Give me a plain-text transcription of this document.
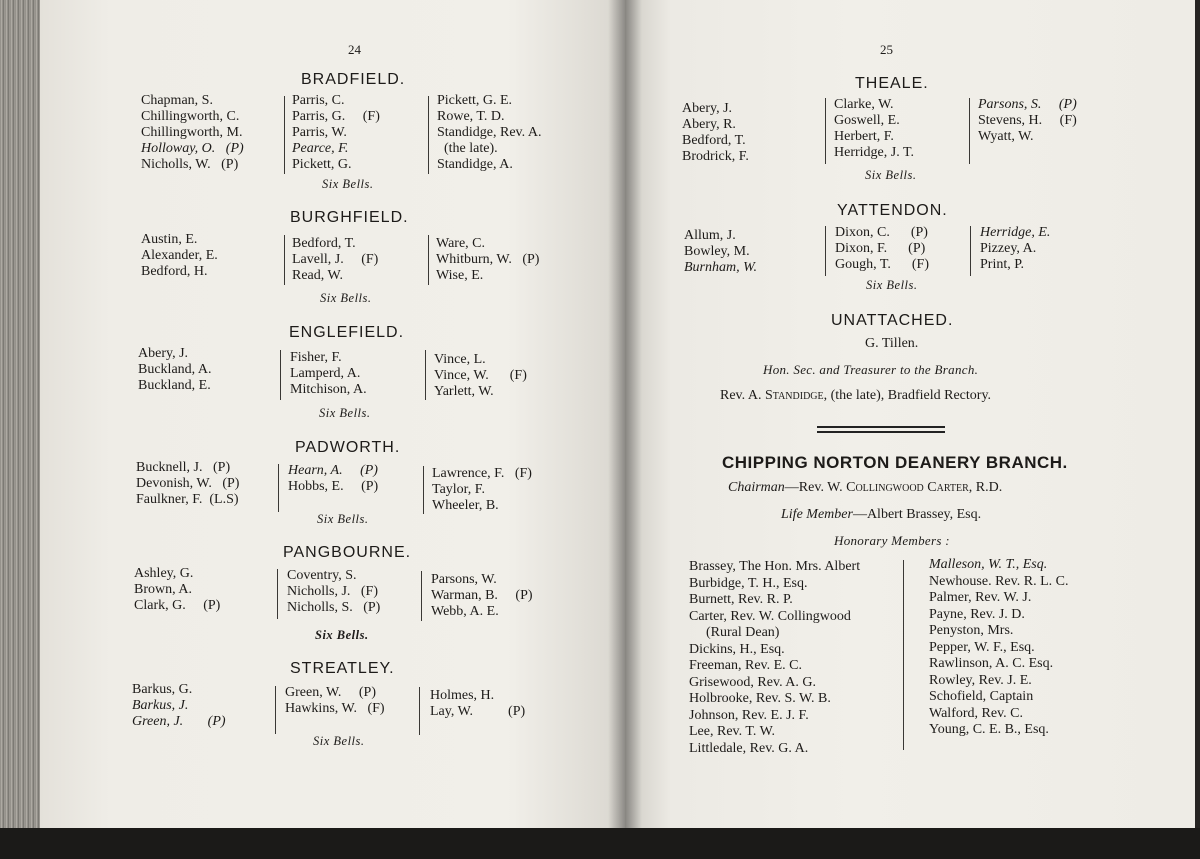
24
BRADFIELD.
Chapman, S.
Chillingworth, C.
Chillingworth, M.
Holloway, O.   (P)
Nicholls, W.   (P)
Parris, C.
Parris, G.     (F)
Parris, W.
Pearce, F.
Pickett, G.
Pickett, G. E.
Rowe, T. D.
Standidge, Rev. A.
(the late).
Standidge, A.
Six Bells.
BURGHFIELD.
Austin, E.
Alexander, E.
Bedford, H.
Bedford, T.
Lavell, J.     (F)
Read, W.
Ware, C.
Whitburn, W.   (P)
Wise, E.
Six Bells.
ENGLEFIELD.
Abery, J.
Buckland, A.
Buckland, E.
Fisher, F.
Lamperd, A.
Mitchison, A.
Vince, L.
Vince, W.      (F)
Yarlett, W.
Six Bells.
PADWORTH.
Bucknell, J.   (P)
Devonish, W.   (P)
Faulkner, F.  (L.S)
Hearn, A.     (P)
Hobbs, E.     (P)
Lawrence, F.   (F)
Taylor, F.
Wheeler, B.
Six Bells.
PANGBOURNE.
Ashley, G.
Brown, A.
Clark, G.     (P)
Coventry, S.
Nicholls, J.   (F)
Nicholls, S.   (P)
Parsons, W.
Warman, B.     (P)
Webb, A. E.
Six Bells.
STREATLEY.
Barkus, G.
Barkus, J.
Green, J.       (P)
Green, W.     (P)
Hawkins, W.   (F)
Holmes, H.
Lay, W.          (P)
Six Bells.
25
THEALE.
Abery, J.
Abery, R.
Bedford, T.
Brodrick, F.
Clarke, W.
Goswell, E.
Herbert, F.
Herridge, J. T.
Parsons, S.     (P)
Stevens, H.     (F)
Wyatt, W.
Six Bells.
YATTENDON.
Allum, J.
Bowley, M.
Burnham, W.
Dixon, C.      (P)
Dixon, F.      (P)
Gough, T.      (F)
Herridge, E.
Pizzey, A.
Print, P.
Six Bells.
UNATTACHED.
G. Tillen.
Hon. Sec. and Treasurer to the Branch.
Rev. A. Standidge, (the late), Bradfield Rectory.
CHIPPING NORTON DEANERY BRANCH.
Chairman—Rev. W. Collingwood Carter, R.D.
Life Member—Albert Brassey, Esq.
Honorary Members :
Brassey, The Hon. Mrs. Albert
Burbidge, T. H., Esq.
Burnett, Rev. R. P.
Carter, Rev. W. Collingwood
(Rural Dean)
Dickins, H., Esq.
Freeman, Rev. E. C.
Grisewood, Rev. A. G.
Holbrooke, Rev. S. W. B.
Johnson, Rev. E. J. F.
Lee, Rev. T. W.
Littledale, Rev. G. A.
Malleson, W. T., Esq.
Newhouse. Rev. R. L. C.
Palmer, Rev. W. J.
Payne, Rev. J. D.
Penyston, Mrs.
Pepper, W. F., Esq.
Rawlinson, A. C. Esq.
Rowley, Rev. J. E.
Schofield, Captain
Walford, Rev. C.
Young, C. E. B., Esq.
